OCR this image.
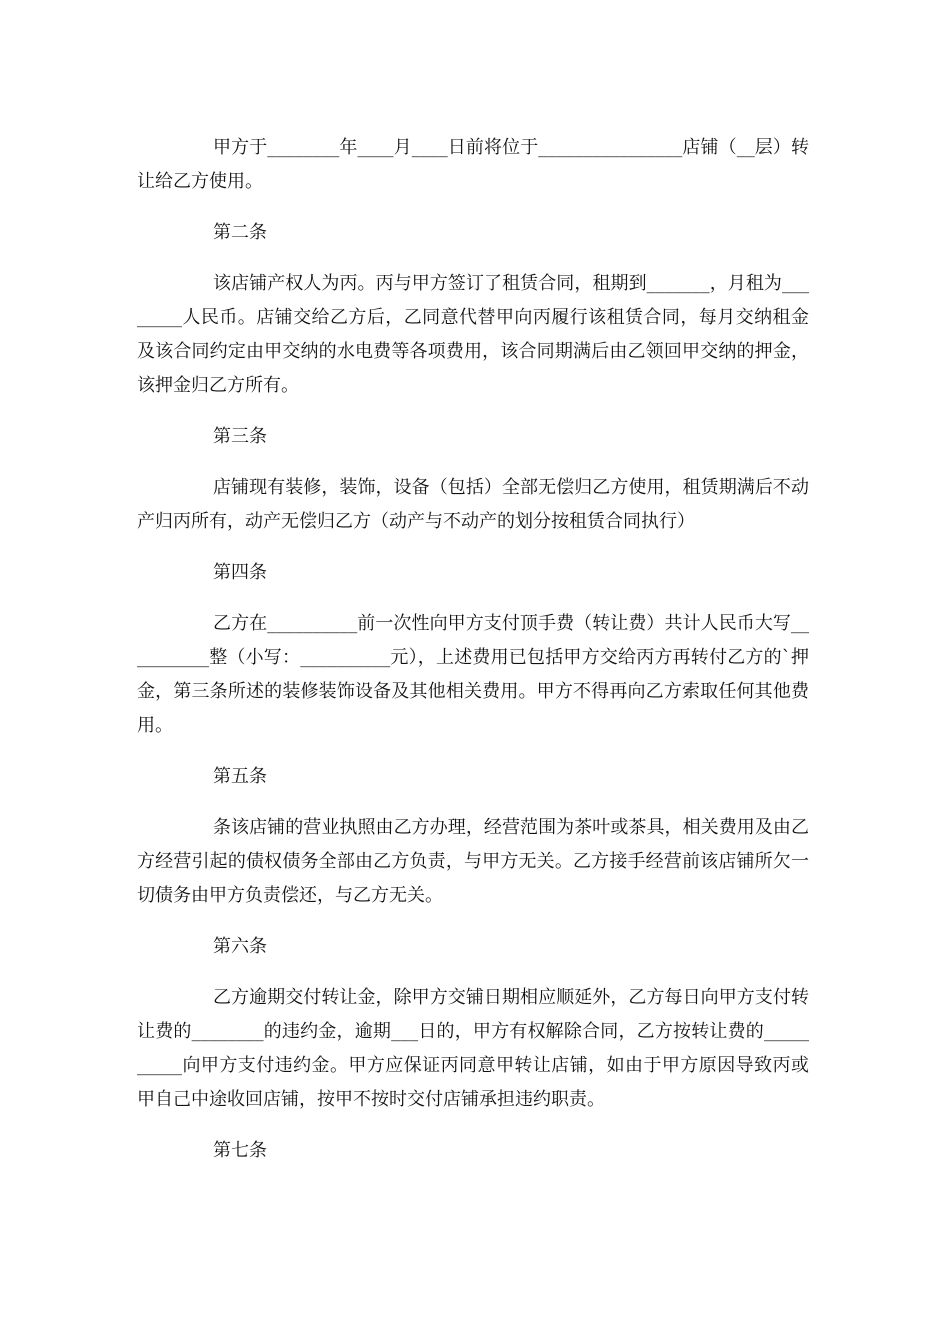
甲方于________年____月____日前将位于________________店铺（__层）转让给乙方使用。

第二条

该店铺产权人为丙。丙与甲方签订了租赁合同，租期到_______，月租为________人民币。店铺交给乙方后，乙同意代替甲向丙履行该租赁合同，每月交纳租金及该合同约定由甲交纳的水电费等各项费用，该合同期满后由乙领回甲交纳的押金，该押金归乙方所有。

第三条

店铺现有装修，装饰，设备（包括）全部无偿归乙方使用，租赁期满后不动产归丙所有，动产无偿归乙方（动产与不动产的划分按租赁合同执行）

第四条

乙方在__________前一次性向甲方支付顶手费（转让费）共计人民币大写__________整（小写：__________元），上述费用已包括甲方交给丙方再转付乙方的`押金，第三条所述的装修装饰设备及其他相关费用。甲方不得再向乙方索取任何其他费用。

第五条

条该店铺的营业执照由乙方办理，经营范围为茶叶或茶具，相关费用及由乙方经营引起的债权债务全部由乙方负责，与甲方无关。乙方接手经营前该店铺所欠一切债务由甲方负责偿还，与乙方无关。

第六条

乙方逾期交付转让金，除甲方交铺日期相应顺延外，乙方每日向甲方支付转让费的________的违约金，逾期___日的，甲方有权解除合同，乙方按转让费的__________向甲方支付违约金。甲方应保证丙同意甲转让店铺，如由于甲方原因导致丙或甲自己中途收回店铺，按甲不按时交付店铺承担违约职责。

第七条
